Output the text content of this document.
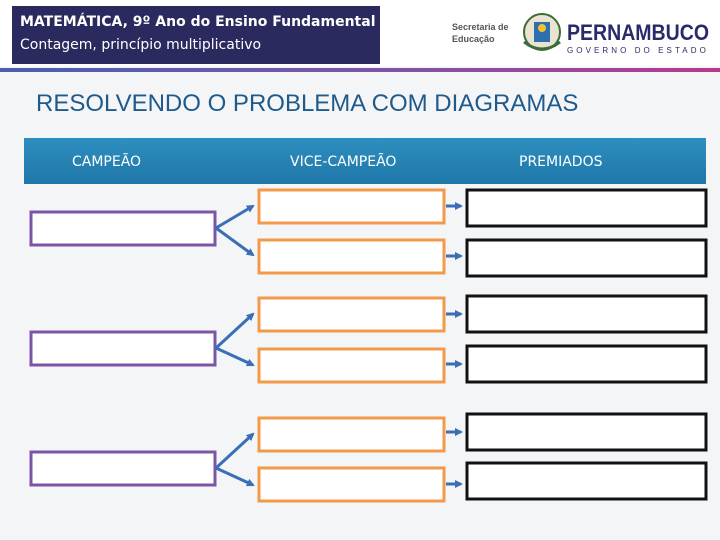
MATEMÁTICA, 9º Ano do Ensino Fundamental
Contagem, princípio multiplicativo
Secretaria de
Educação	PERNAMBUCO
GOVERNO DO ESTADO
RESOLVENDO O PROBLEMA COM DIAGRAMAS
CAMPEÃO	VICE-CAMPEÃO	PREMIADOS
